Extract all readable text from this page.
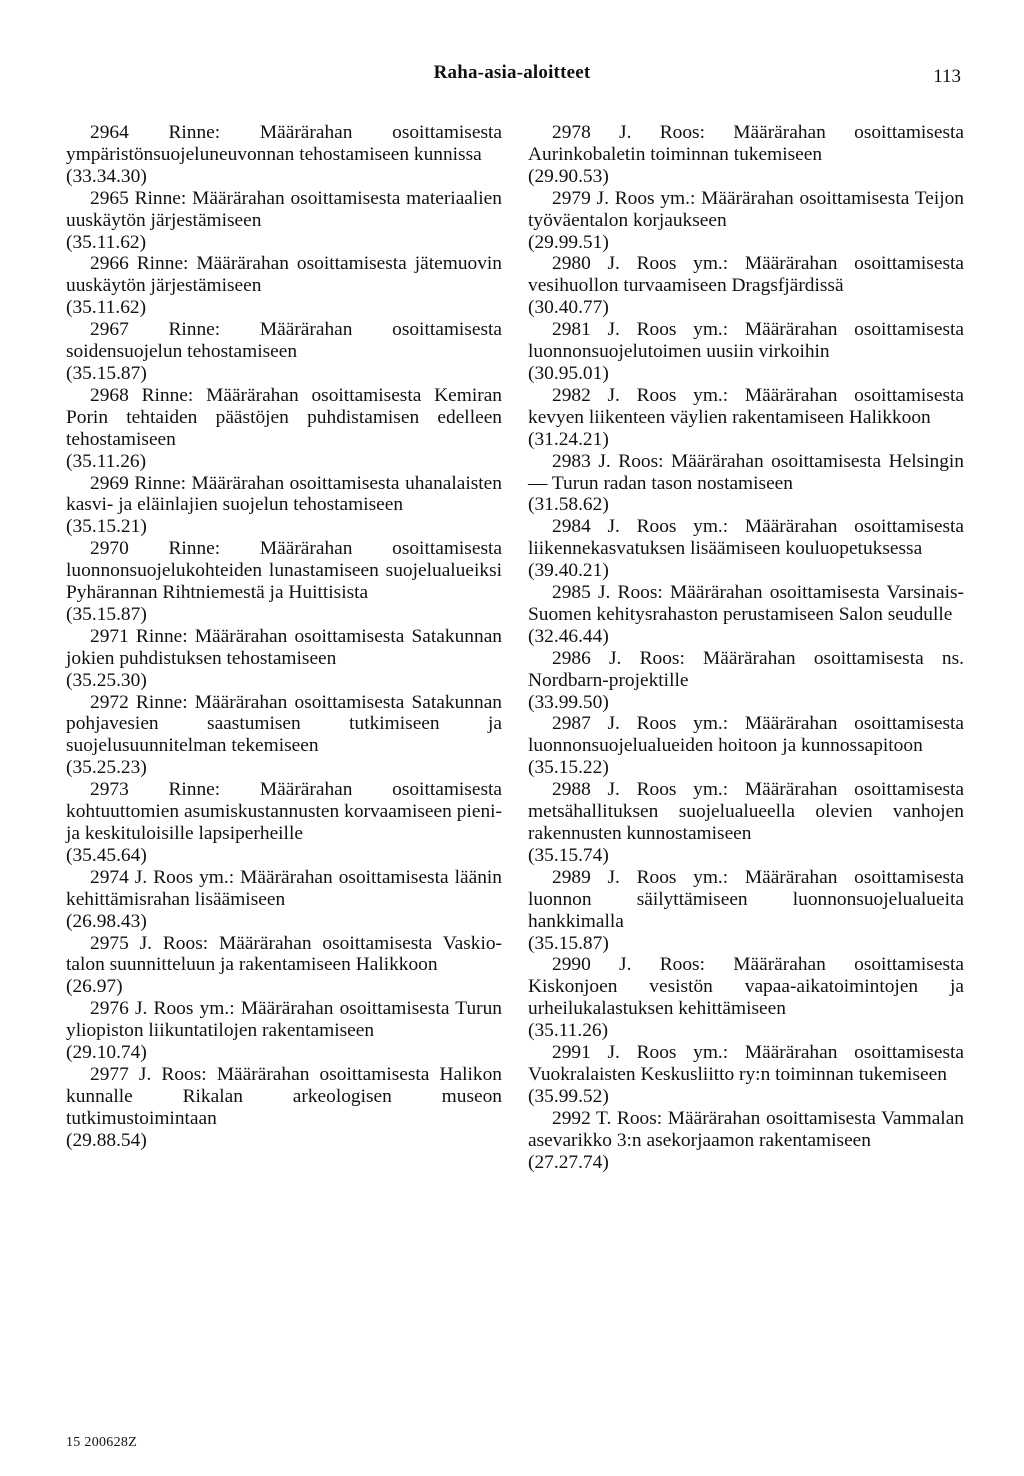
Raha-asia-aloitteet	113
2964 Rinne: Määrärahan osoittamisesta ympäristönsuojeluneuvonnan tehostamiseen kunnissa
(33.34.30)
2965 Rinne: Määrärahan osoittamisesta materiaalien uuskäytön järjestämiseen
(35.11.62)
2966 Rinne: Määrärahan osoittamisesta jätemuovin uuskäytön järjestämiseen
(35.11.62)
2967 Rinne: Määrärahan osoittamisesta soidensuojelun tehostamiseen
(35.15.87)
2968 Rinne: Määrärahan osoittamisesta Kemiran Porin tehtaiden päästöjen puhdistamisen edelleen tehostamiseen
(35.11.26)
2969 Rinne: Määrärahan osoittamisesta uhanalaisten kasvi- ja eläinlajien suojelun tehostamiseen
(35.15.21)
2970 Rinne: Määrärahan osoittamisesta luonnonsuojelukohteiden lunastamiseen suojelualueiksi Pyhärannan Rihtniemestä ja Huittisista
(35.15.87)
2971 Rinne: Määrärahan osoittamisesta Satakunnan jokien puhdistuksen tehostamiseen
(35.25.30)
2972 Rinne: Määrärahan osoittamisesta Satakunnan pohjavesien saastumisen tutkimiseen ja suojelusuunnitelman tekemiseen
(35.25.23)
2973 Rinne: Määrärahan osoittamisesta kohtuuttomien asumiskustannusten korvaamiseen pieni- ja keskituloisille lapsiperheille
(35.45.64)
2974 J. Roos ym.: Määrärahan osoittamisesta läänin kehittämisrahan lisäämiseen
(26.98.43)
2975 J. Roos: Määrärahan osoittamisesta Vaskio-talon suunnitteluun ja rakentamiseen Halikkoon
(26.97)
2976 J. Roos ym.: Määrärahan osoittamisesta Turun yliopiston liikuntatilojen rakentamiseen
(29.10.74)
2977 J. Roos: Määrärahan osoittamisesta Halikon kunnalle Rikalan arkeologisen museon tutkimustoimintaan
(29.88.54)
2978 J. Roos: Määrärahan osoittamisesta Aurinkobaletin toiminnan tukemiseen
(29.90.53)
2979 J. Roos ym.: Määrärahan osoittamisesta Teijon työväentalon korjaukseen
(29.99.51)
2980 J. Roos ym.: Määrärahan osoittamisesta vesihuollon turvaamiseen Dragsfjärdissä
(30.40.77)
2981 J. Roos ym.: Määrärahan osoittamisesta luonnonsuojelutoimen uusiin virkoihin
(30.95.01)
2982 J. Roos ym.: Määrärahan osoittamisesta kevyen liikenteen väylien rakentamiseen Halikkoon
(31.24.21)
2983 J. Roos: Määrärahan osoittamisesta Helsingin — Turun radan tason nostamiseen
(31.58.62)
2984 J. Roos ym.: Määrärahan osoittamisesta liikennekasvatuksen lisäämiseen kouluopetuksessa
(39.40.21)
2985 J. Roos: Määrärahan osoittamisesta Varsinais-Suomen kehitysrahaston perustamiseen Salon seudulle
(32.46.44)
2986 J. Roos: Määrärahan osoittamisesta ns. Nordbarn-projektille
(33.99.50)
2987 J. Roos ym.: Määrärahan osoittamisesta luonnonsuojelualueiden hoitoon ja kunnossapitoon
(35.15.22)
2988 J. Roos ym.: Määrärahan osoittamisesta metsähallituksen suojelualueella olevien vanhojen rakennusten kunnostamiseen
(35.15.74)
2989 J. Roos ym.: Määrärahan osoittamisesta luonnon säilyttämiseen luonnonsuojelualueita hankkimalla
(35.15.87)
2990 J. Roos: Määrärahan osoittamisesta Kiskonjoen vesistön vapaa-aikatoimintojen ja urheilukalastuksen kehittämiseen
(35.11.26)
2991 J. Roos ym.: Määrärahan osoittamisesta Vuokralaisten Keskusliitto ry:n toiminnan tukemiseen
(35.99.52)
2992 T. Roos: Määrärahan osoittamisesta Vammalan asevarikko 3:n asekorjaamon rakentamiseen
(27.27.74)
15 200628Z
